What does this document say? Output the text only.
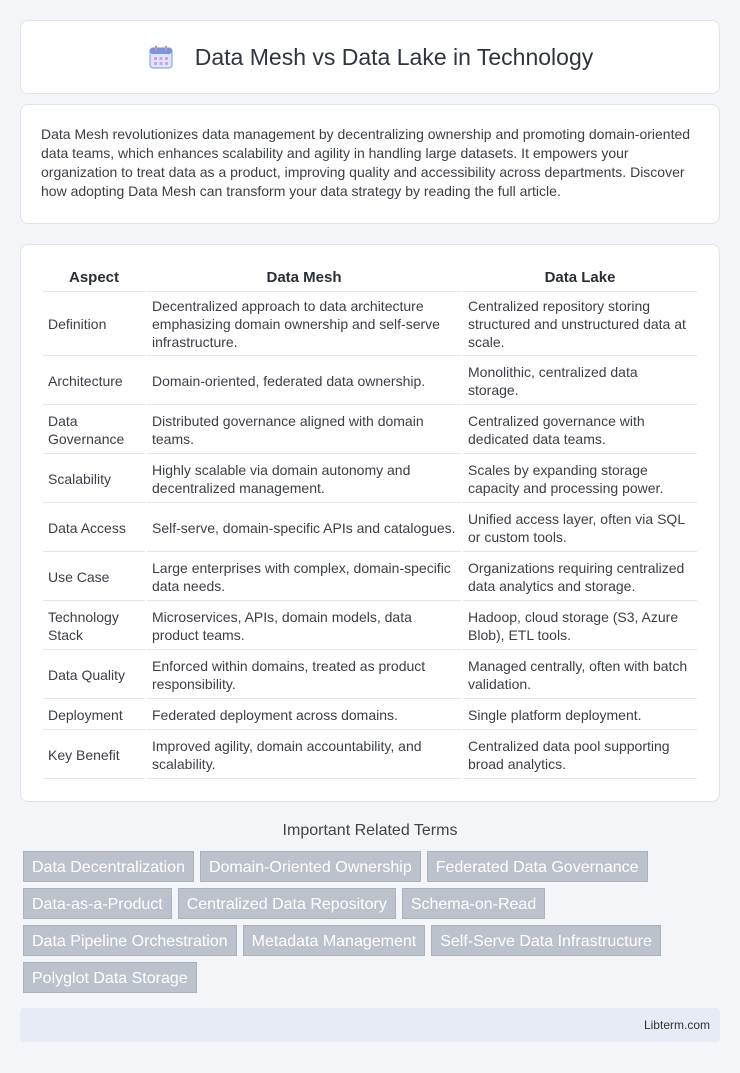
Data Mesh vs Data Lake in Technology

Data Mesh revolutionizes data management by decentralizing ownership and promoting domain-oriented data teams, which enhances scalability and agility in handling large datasets. It empowers your organization to treat data as a product, improving quality and accessibility across departments. Discover how adopting Data Mesh can transform your data strategy by reading the full article.

Aspect	Data Mesh	Data Lake
Definition	Decentralized approach to data architecture emphasizing domain ownership and self-serve infrastructure.	Centralized repository storing structured and unstructured data at scale.
Architecture	Domain-oriented, federated data ownership.	Monolithic, centralized data storage.
Data Governance	Distributed governance aligned with domain teams.	Centralized governance with dedicated data teams.
Scalability	Highly scalable via domain autonomy and decentralized management.	Scales by expanding storage capacity and processing power.
Data Access	Self-serve, domain-specific APIs and catalogues.	Unified access layer, often via SQL or custom tools.
Use Case	Large enterprises with complex, domain-specific data needs.	Organizations requiring centralized data analytics and storage.
Technology Stack	Microservices, APIs, domain models, data product teams.	Hadoop, cloud storage (S3, Azure Blob), ETL tools.
Data Quality	Enforced within domains, treated as product responsibility.	Managed centrally, often with batch validation.
Deployment	Federated deployment across domains.	Single platform deployment.
Key Benefit	Improved agility, domain accountability, and scalability.	Centralized data pool supporting broad analytics.
Important Related Terms
Data Decentralization	Domain-Oriented Ownership	Federated Data Governance
Data-as-a-Product	Centralized Data Repository	Schema-on-Read
Data Pipeline Orchestration	Metadata Management	Self-Serve Data Infrastructure
Polyglot Data Storage
Libterm.com
